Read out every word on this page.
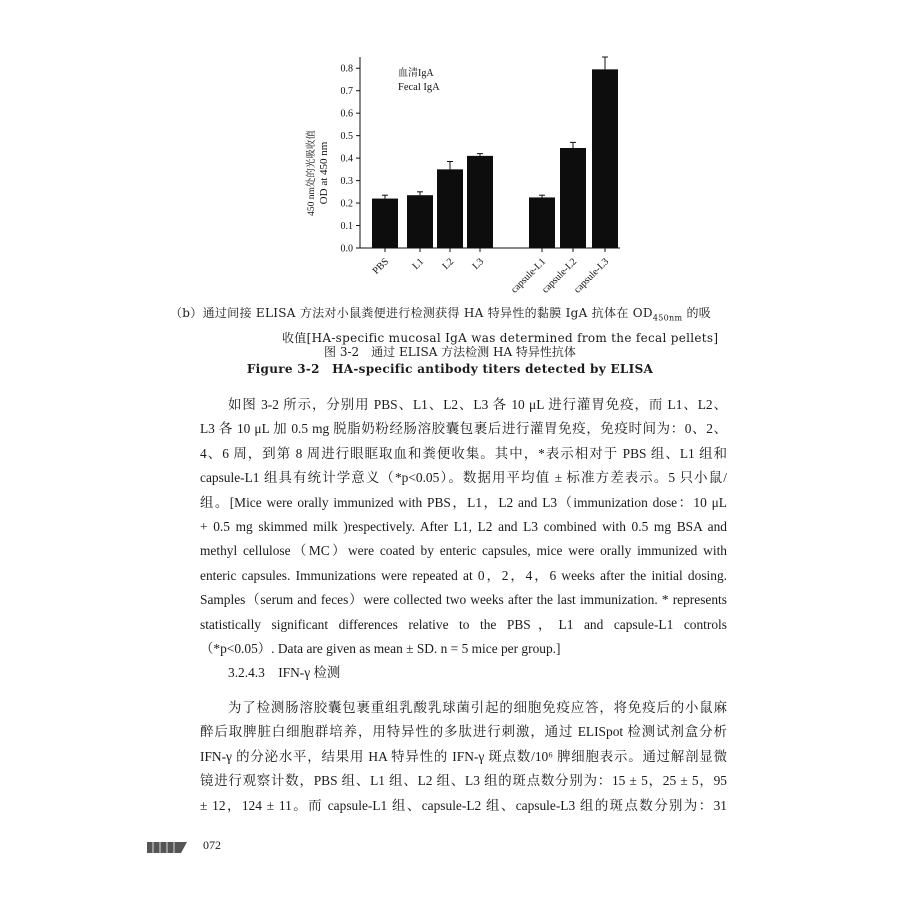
450 nm处的光吸收值 OD at 450 nm
血清IgA
Fecal IgA
0.0
0.1
0.2
0.3
0.4
0.5
0.6
0.7
0.8
PBS L1 L2 L3 capsule-L1
capsule-L2
capsule-L3
（b）通过间接 ELISA 方法对小鼠粪便进行检测获得 HA 特异性的黏膜 IgA 抗体在 $OD_{450nm}$ 的吸
收值[HA-specific mucosal IgA was determined from the fecal pellets]
图 3-2　通过 ELISA 方法检测 HA 特异性抗体
Figure 3-2　HA-specific antibody titers detected by ELISA
如图 3-2 所示，分别用 PBS、L1、L2、L3 各 10 μL 进行灌胃免疫，而 L1、L2、
L3 各 10 μL 加 0.5 mg 脱脂奶粉经肠溶胶囊包裹后进行灌胃免疫，免疫时间为：0、2、
4、6 周，到第 8 周进行眼眶取血和粪便收集。其中，*表示相对于 PBS 组、L1 组和
capsule-L1 组具有统计学意义（*p<0.05）。数据用平均值 ± 标准方差表示。5 只小鼠/
组。[Mice were orally immunized with PBS，L1，L2 and L3（immunization dose：10 μL
+ 0.5 mg skimmed milk )respectively. After L1, L2 and L3 combined with 0.5 mg BSA and
methyl cellulose（MC）were coated by enteric capsules, mice were orally immunized with
enteric capsules. Immunizations were repeated at 0，2，4，6 weeks after the initial dosing.
Samples（serum and feces）were collected two weeks after the last immunization. * represents
statistically significant differences relative to the PBS，L1 and capsule-L1 controls
（*p<0.05）. Data are given as mean ± SD. n = 5 mice per group.]
3.2.4.3　IFN-γ 检测
为了检测肠溶胶囊包裹重组乳酸乳球菌引起的细胞免疫应答，将免疫后的小鼠麻
醉后取脾脏白细胞群培养，用特异性的多肽进行刺激，通过 ELISpot 检测试剂盒分析
IFN-γ 的分泌水平，结果用 HA 特异性的 IFN-γ 斑点数/10⁶ 脾细胞表示。通过解剖显微
镜进行观察计数，PBS 组、L1 组、L2 组、L3 组的斑点数分别为：15 ± 5，25 ± 5，95
± 12，124 ± 11。而 capsule-L1 组、capsule-L2 组、capsule-L3 组的斑点数分别为：31
072
